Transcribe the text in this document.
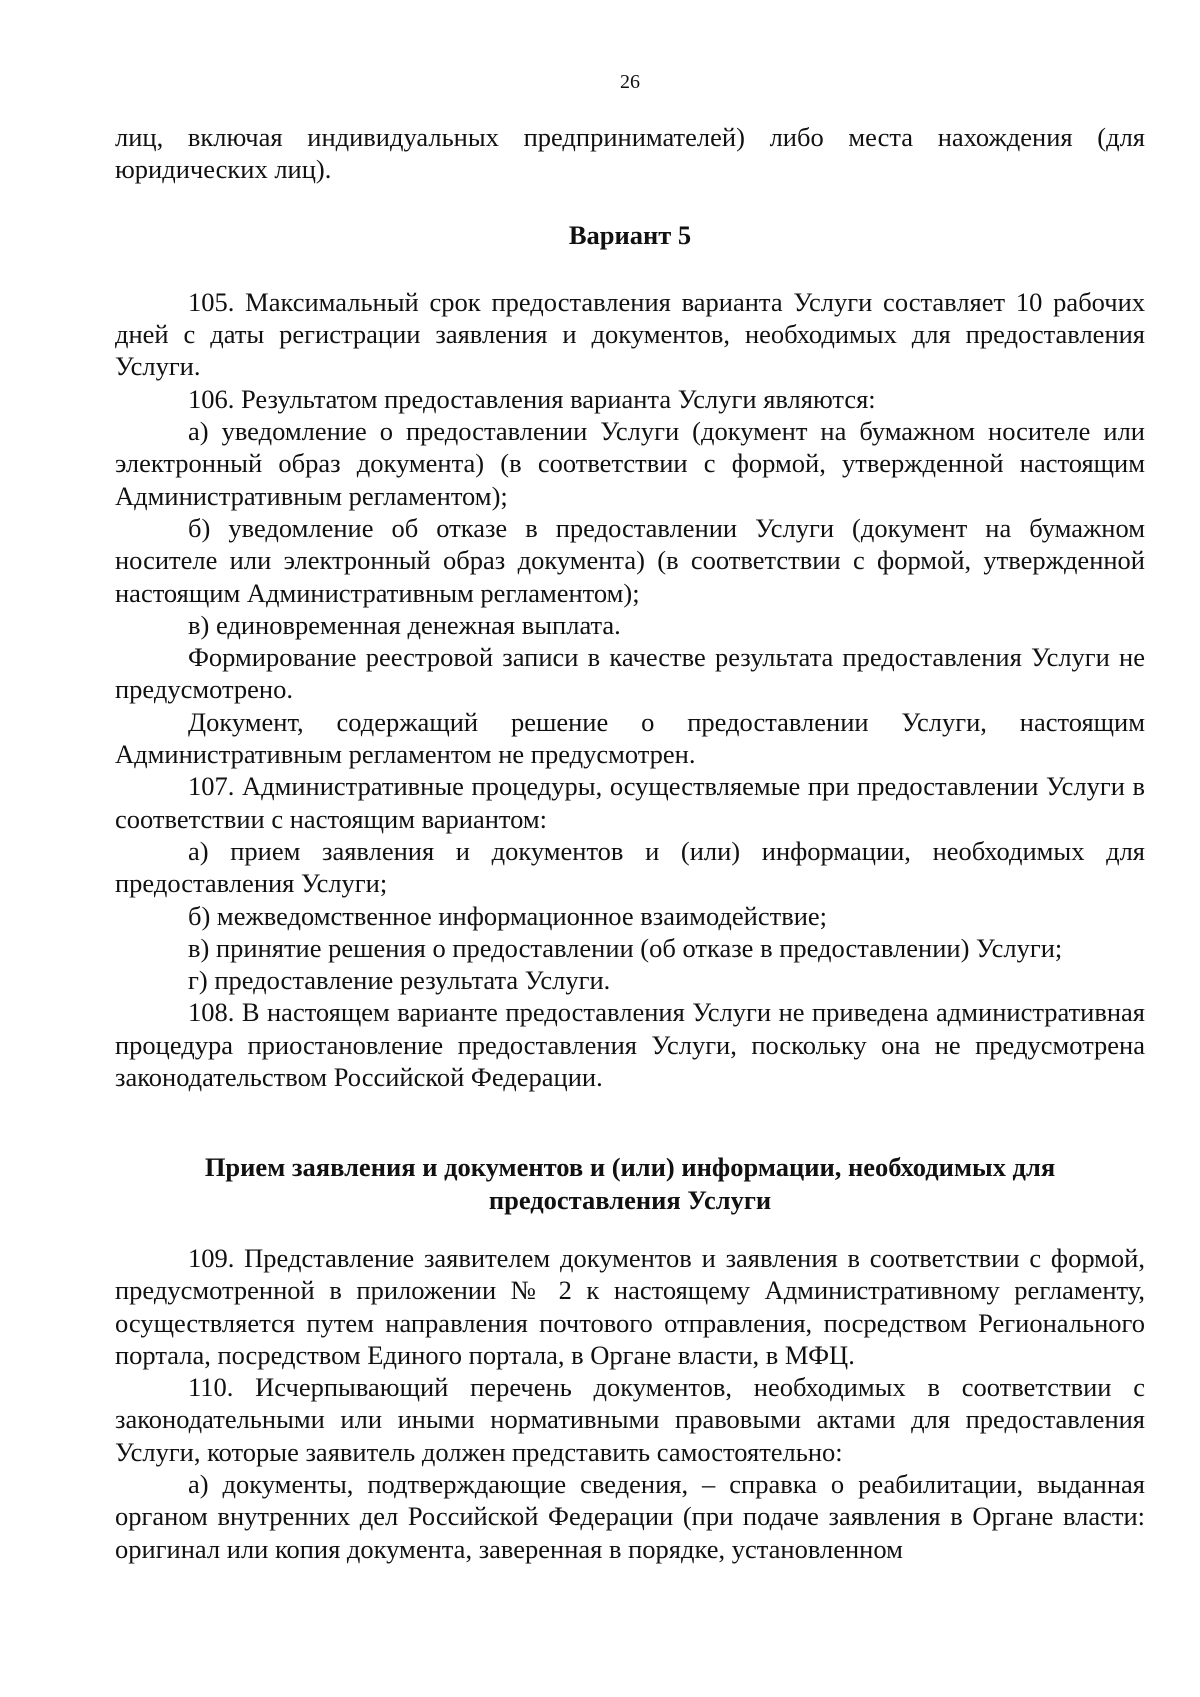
26

лиц, включая индивидуальных предпринимателей) либо места нахождения (для юридических лиц).

Вариант 5

105. Максимальный срок предоставления варианта Услуги составляет 10 рабочих дней с даты регистрации заявления и документов, необходимых для предоставления Услуги.

106. Результатом предоставления варианта Услуги являются:

а) уведомление о предоставлении Услуги (документ на бумажном носителе или электронный образ документа) (в соответствии с формой, утвержденной настоящим Административным регламентом);

б) уведомление об отказе в предоставлении Услуги (документ на бумажном носителе или электронный образ документа) (в соответствии с формой, утвержденной настоящим Административным регламентом);

в) единовременная денежная выплата.

Формирование реестровой записи в качестве результата предоставления Услуги не предусмотрено.

Документ, содержащий решение о предоставлении Услуги, настоящим Административным регламентом не предусмотрен.

107. Административные процедуры, осуществляемые при предоставлении Услуги в соответствии с настоящим вариантом:

а) прием заявления и документов и (или) информации, необходимых для предоставления Услуги;

б) межведомственное информационное взаимодействие;

в) принятие решения о предоставлении (об отказе в предоставлении) Услуги;

г) предоставление результата Услуги.

108. В настоящем варианте предоставления Услуги не приведена административная процедура приостановление предоставления Услуги, поскольку она не предусмотрена законодательством Российской Федерации.

Прием заявления и документов и (или) информации, необходимых для предоставления Услуги

109. Представление заявителем документов и заявления в соответствии с формой, предусмотренной в приложении № 2 к настоящему Административному регламенту, осуществляется путем направления почтового отправления, посредством Регионального портала, посредством Единого портала, в Органе власти, в МФЦ.

110. Исчерпывающий перечень документов, необходимых в соответствии с законодательными или иными нормативными правовыми актами для предоставления Услуги, которые заявитель должен представить самостоятельно:

а) документы, подтверждающие сведения, – справка о реабилитации, выданная органом внутренних дел Российской Федерации (при подаче заявления в Органе власти: оригинал или копия документа, заверенная в порядке, установленном
